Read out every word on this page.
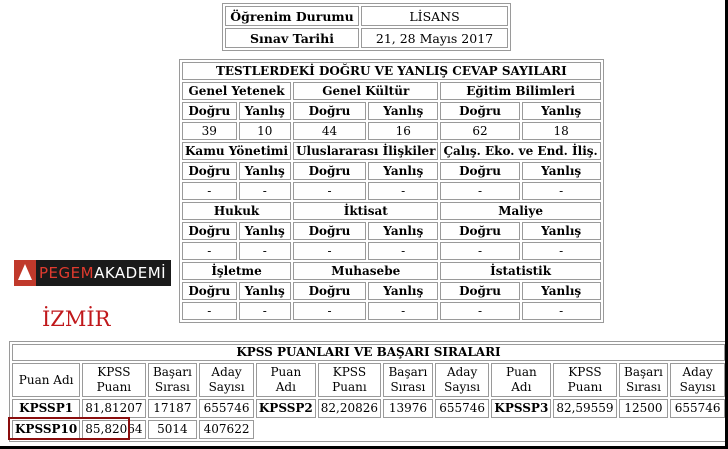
Öğrenim Durumu	LİSANS
Sınav Tarihi	21, 28 Mayıs 2017
TESTLERDEKİ DOĞRU VE YANLIŞ CEVAP SAYILARI					
Genel Yetenek		Genel Kültür		Eğitim Bilimleri	
Doğru	Yanlış	Doğru	Yanlış	Doğru	Yanlış
39	10	44	16	62	18
Kamu Yönetimi		Uluslararası İlişkiler		Çalış. Eko. ve End. İliş.	
Doğru	Yanlış	Doğru	Yanlış	Doğru	Yanlış
-	-	-	-	-	-
Hukuk		İktisat		Maliye	
Doğru	Yanlış	Doğru	Yanlış	Doğru	Yanlış
-	-	-	-	-	-
İşletme		Muhasebe		İstatistik	
Doğru	Yanlış	Doğru	Yanlış	Doğru	Yanlış
-	-	-	-	-	-
PEGEMAKADEMİ
İZMİR
KPSS PUANLARI VE BAŞARI SIRALARI											
Puan Adı	KPSS Puanı	Başarı Sırası	Aday Sayısı	Puan Adı	KPSS Puanı	Başarı Sırası	Aday Sayısı	Puan Adı	KPSS Puanı	Başarı Sırası	Aday Sayısı
KPSSP1	81,81207	17187	655746	KPSSP2	82,20826	13976	655746	KPSSP3	82,59559	12500	655746
KPSSP10	85,82064	5014	407622								
